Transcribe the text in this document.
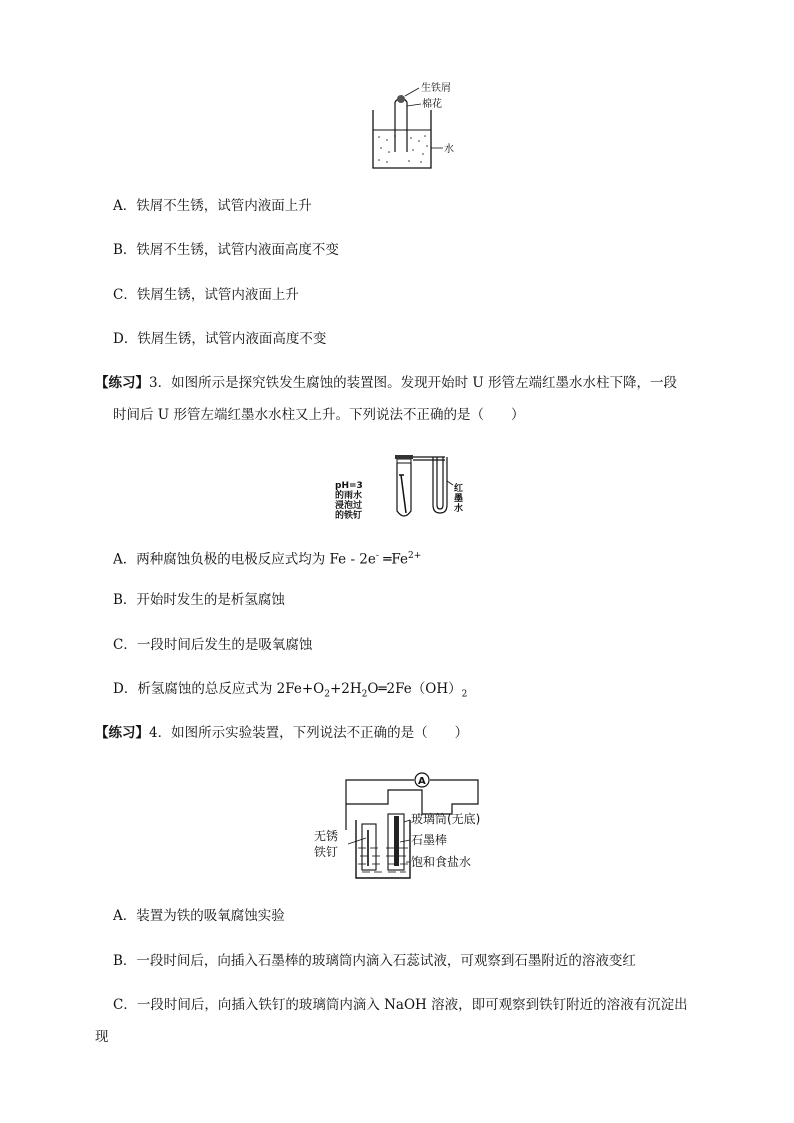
生铁屑
棉花
水
A．铁屑不生锈，试管内液面上升
B．铁屑不生锈，试管内液面高度不变
C．铁屑生锈，试管内液面上升
D．铁屑生锈，试管内液面高度不变
【练习】3．如图所示是探究铁发生腐蚀的装置图。发现开始时 U 形管左端红墨水水柱下降，一段
时间后 U 形管左端红墨水水柱又上升。下列说法不正确的是（　　）
pH=3
的雨水
浸泡过
的铁钉
红
墨
水
A．两种腐蚀负极的电极反应式均为 Fe - 2e- $═Fe^{2+}$
B．开始时发生的是析氢腐蚀
C．一段时间后发生的是吸氧腐蚀
D．析氢腐蚀的总反应式为 $2Fe+O_2+2H_2O═2Fe(OH)_2$
【练习】4．如图所示实验装置，下列说法不正确的是（　　）
A
玻璃筒(无底)
石墨棒
饱和食盐水
无锈
铁钉
A．装置为铁的吸氧腐蚀实验
B．一段时间后，向插入石墨棒的玻璃筒内滴入石蕊试液，可观察到石墨附近的溶液变红
C．一段时间后，向插入铁钉的玻璃筒内滴入 NaOH 溶液，即可观察到铁钉附近的溶液有沉淀出
现
